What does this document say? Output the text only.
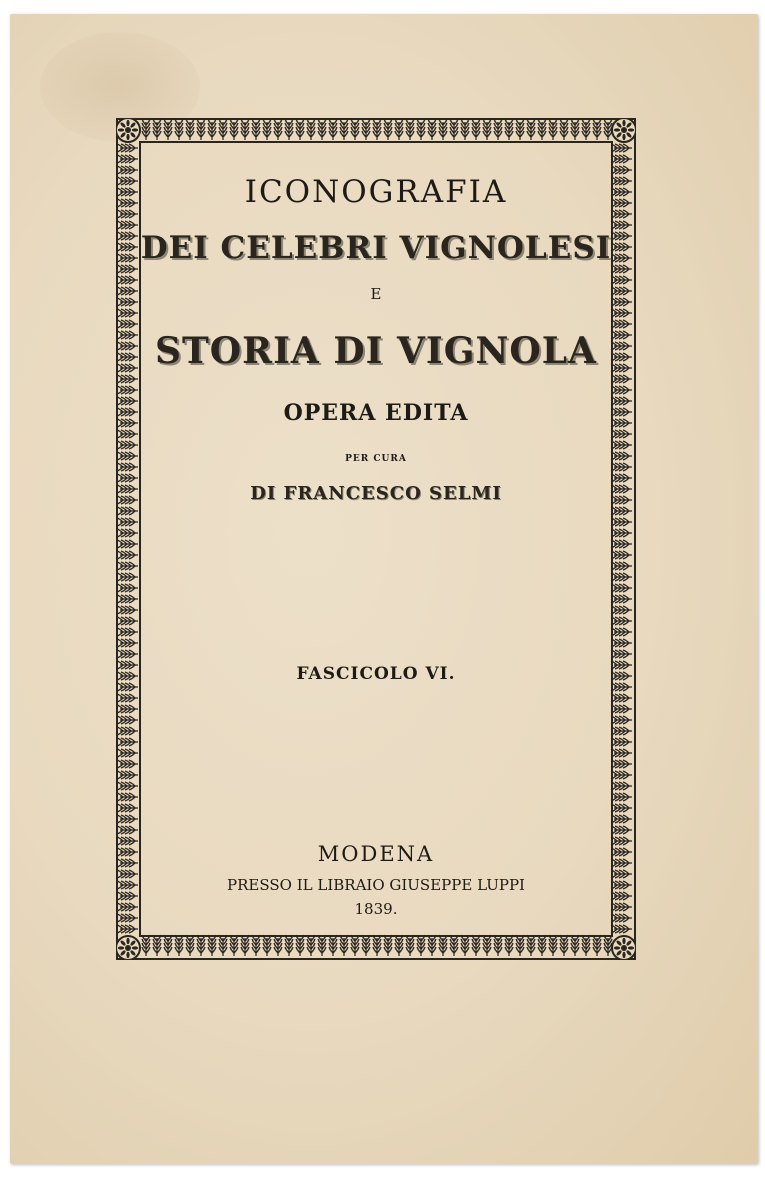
ICONOGRAFIA
DEI CELEBRI VIGNOLESI
E
STORIA DI VIGNOLA
OPERA EDITA
PER CURA
DI FRANCESCO SELMI
FASCICOLO VI.
MODENA
PRESSO IL LIBRAIO GIUSEPPE LUPPI
1839.
